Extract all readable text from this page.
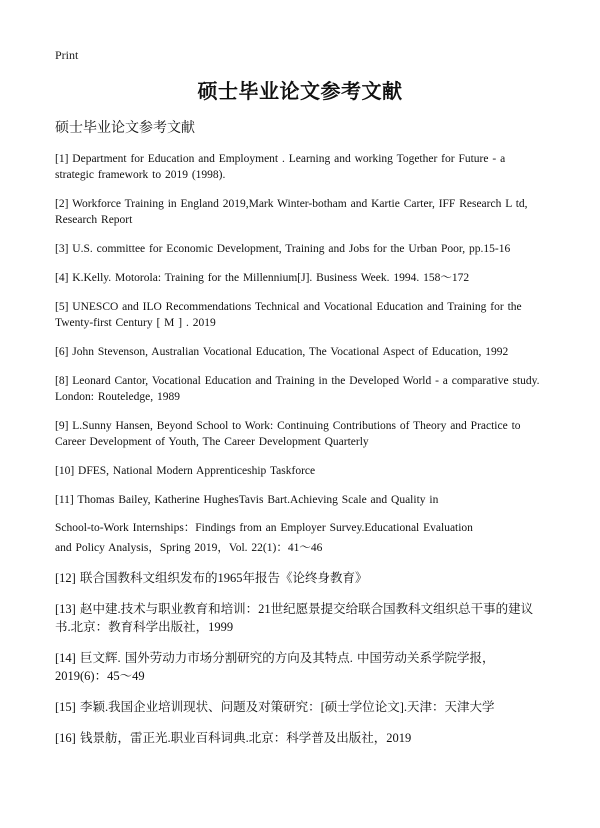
Print
硕士毕业论文参考文献
硕士毕业论文参考文献

[1] Department for Education and Employment . Learning and working Together for Future - a strategic framework to 2019 (1998).

[2] Workforce Training in England 2019,Mark Winter-botham and Kartie Carter, IFF Research L td, Research Report

[3] U.S. committee for Economic Development, Training and Jobs for the Urban Poor, pp.15-16

[4] K.Kelly. Motorola: Training for the Millennium[J]. Business Week. 1994. 158～172

[5] UNESCO and ILO Recommendations Technical and Vocational Education and Training for the Twenty-first Century [ M ] . 2019

[6] John Stevenson, Australian Vocational Education, The Vocational Aspect of Education, 1992

[8] Leonard Cantor, Vocational Education and Training in the Developed World - a comparative study. London: Routeledge, 1989

[9] L.Sunny Hansen, Beyond School to Work: Continuing Contributions of Theory and Practice to Career Development of Youth, The Career Development Quarterly

[10] DFES, National Modern Apprenticeship Taskforce

[11] Thomas Bailey, Katherine HughesTavis Bart.Achieving Scale and Quality in
School-to-Work Internships：Findings from an Employer Survey.Educational Evaluation
and Policy Analysis，Spring 2019，Vol. 22(1)：41～46

[12] 联合国教科文组织发布的1965年报告《论终身教育》

[13] 赵中建.技术与职业教育和培训：21世纪愿景提交给联合国教科文组织总干事的建议书.北京：教育科学出版社，1999

[14] 巨文辉. 国外劳动力市场分割研究的方向及其特点. 中国劳动关系学院学报，2019(6)：45～49

[15] 李颖.我国企业培训现状、问题及对策研究：[硕士学位论文].天津：天津大学

[16] 钱景舫，雷正光.职业百科词典.北京：科学普及出版社，2019
